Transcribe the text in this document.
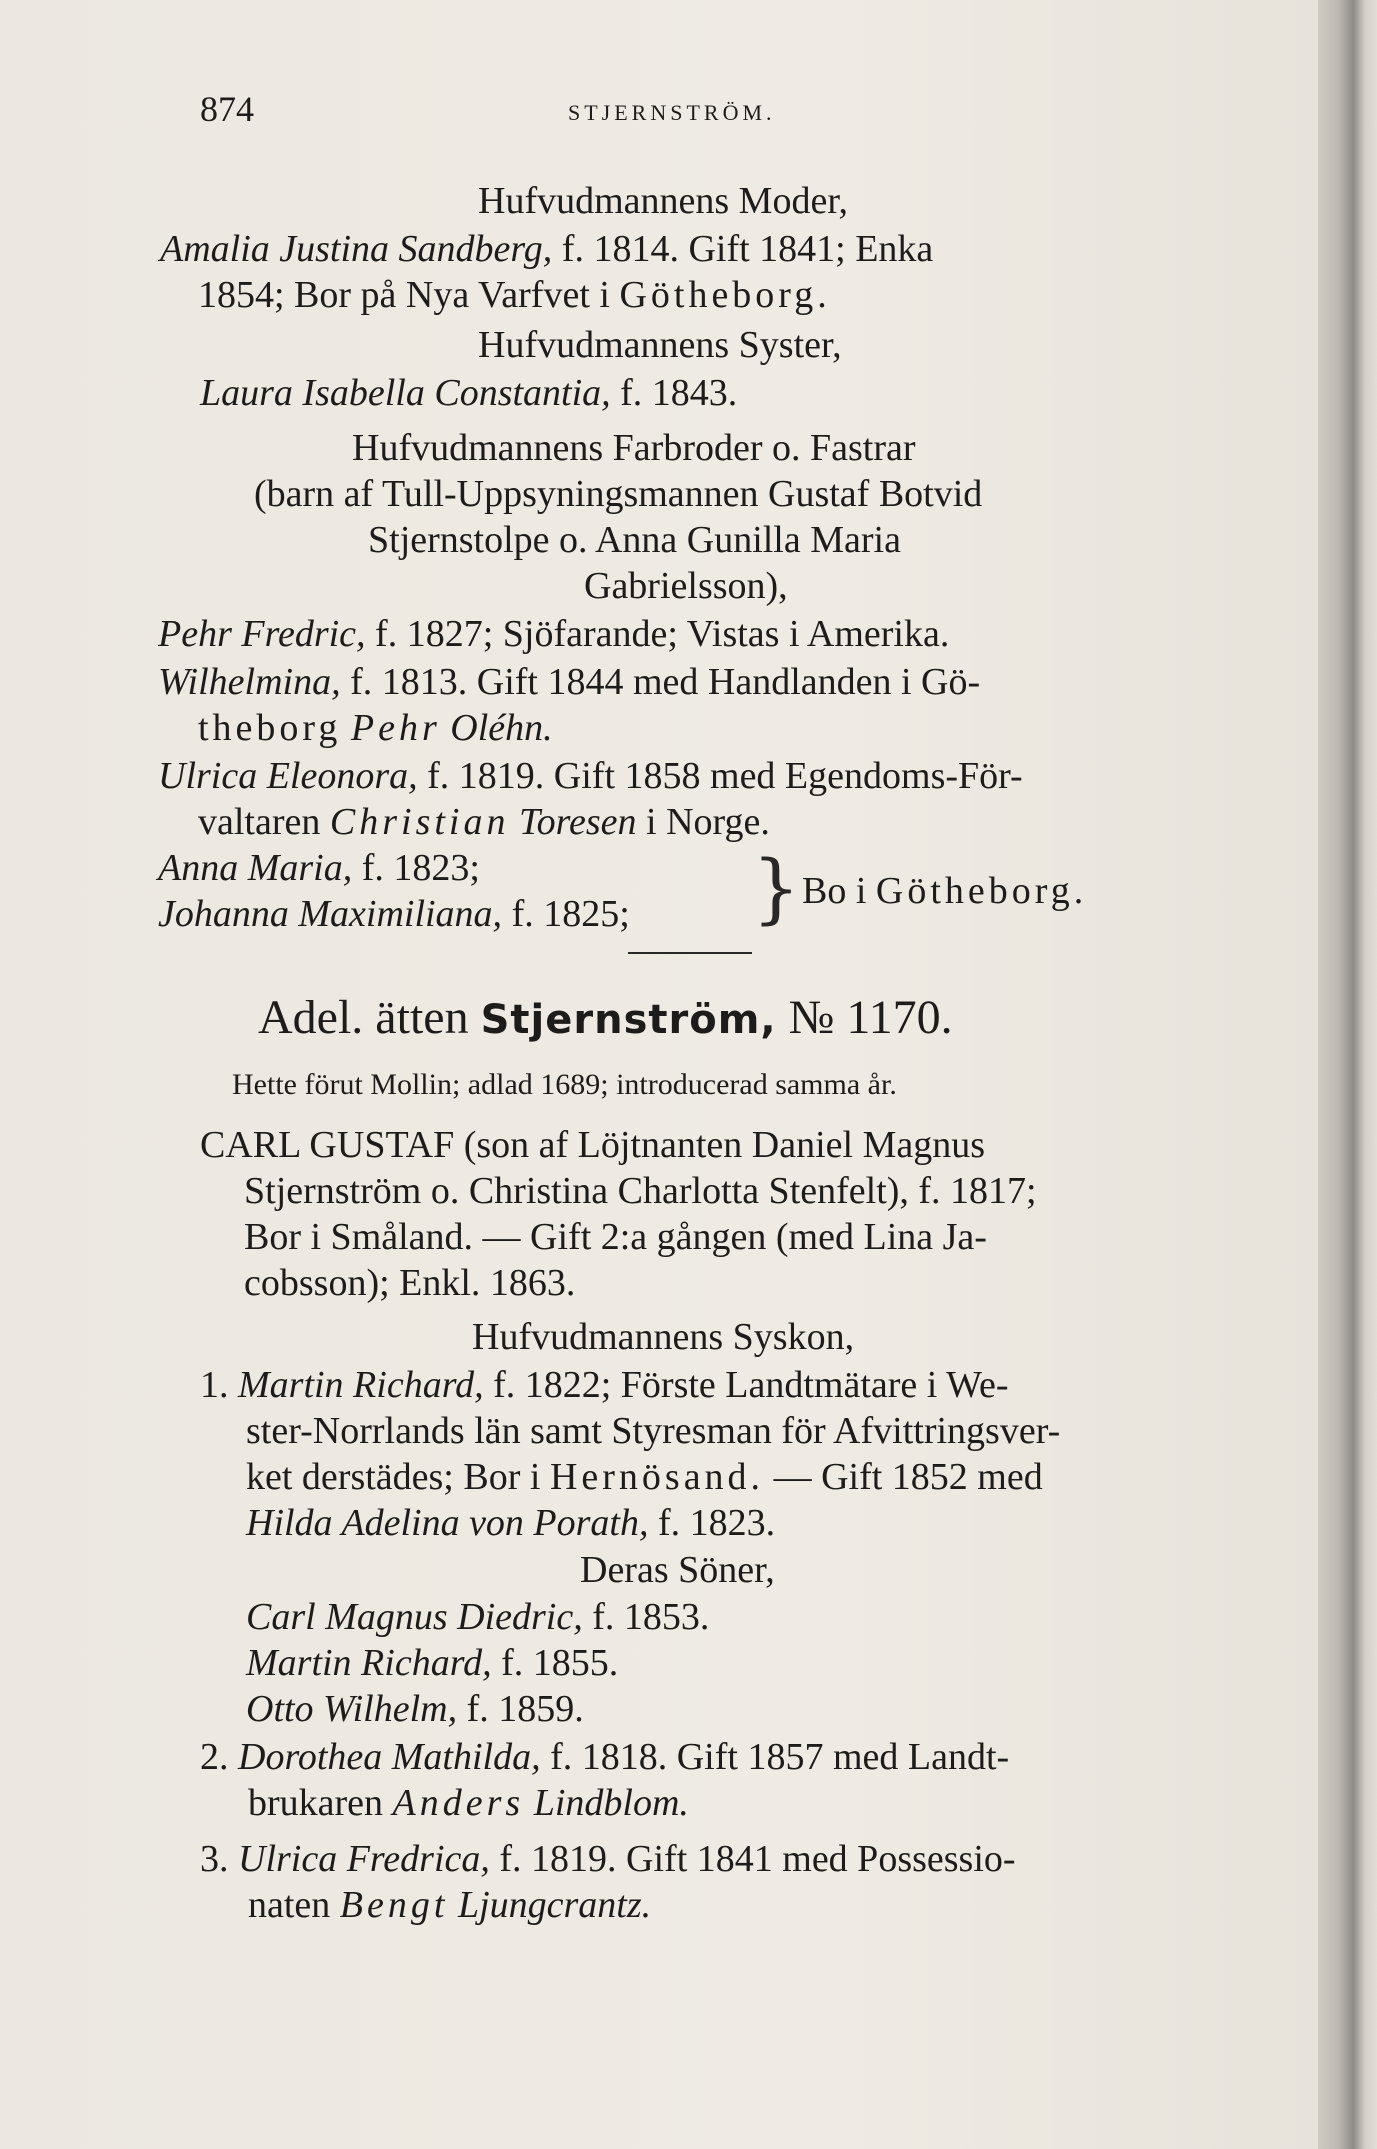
874	STJERNSTRÖM.
Hufvudmannens Moder,
Amalia Justina Sandberg, f. 1814. Gift 1841; Enka
1854; Bor på Nya Varfvet i Götheborg.
Hufvudmannens Syster,
Laura Isabella Constantia, f. 1843.
Hufvudmannens Farbroder o. Fastrar
(barn af Tull-Uppsyningsmannen Gustaf Botvid
Stjernstolpe o. Anna Gunilla Maria
Gabrielsson),
Pehr Fredric, f. 1827; Sjöfarande; Vistas i Amerika.
Wilhelmina, f. 1813. Gift 1844 med Handlanden i Gö-
theborg Pehr Oléhn.
Ulrica Eleonora, f. 1819. Gift 1858 med Egendoms-För-
valtaren Christian Toresen i Norge.
Anna Maria, f. 1823;
Johanna Maximiliana, f. 1825; } Bo i Götheborg.
Adel. ätten Stjernström, № 1170.
Hette förut Mollin; adlad 1689; introducerad samma år.
CARL GUSTAF (son af Löjtnanten Daniel Magnus
Stjernström o. Christina Charlotta Stenfelt), f. 1817;
Bor i Småland. — Gift 2:a gången (med Lina Ja-
cobsson); Enkl. 1863.
Hufvudmannens Syskon,
1. Martin Richard, f. 1822; Förste Landtmätare i We-
ster-Norrlands län samt Styresman för Afvittringsver-
ket derstädes; Bor i Hernösand. — Gift 1852 med
Hilda Adelina von Porath, f. 1823.
Deras Söner,
Carl Magnus Diedric, f. 1853.
Martin Richard, f. 1855.
Otto Wilhelm, f. 1859.
2. Dorothea Mathilda, f. 1818. Gift 1857 med Landt-
brukaren Anders Lindblom.
3. Ulrica Fredrica, f. 1819. Gift 1841 med Possessio-
naten Bengt Ljungcrantz.
